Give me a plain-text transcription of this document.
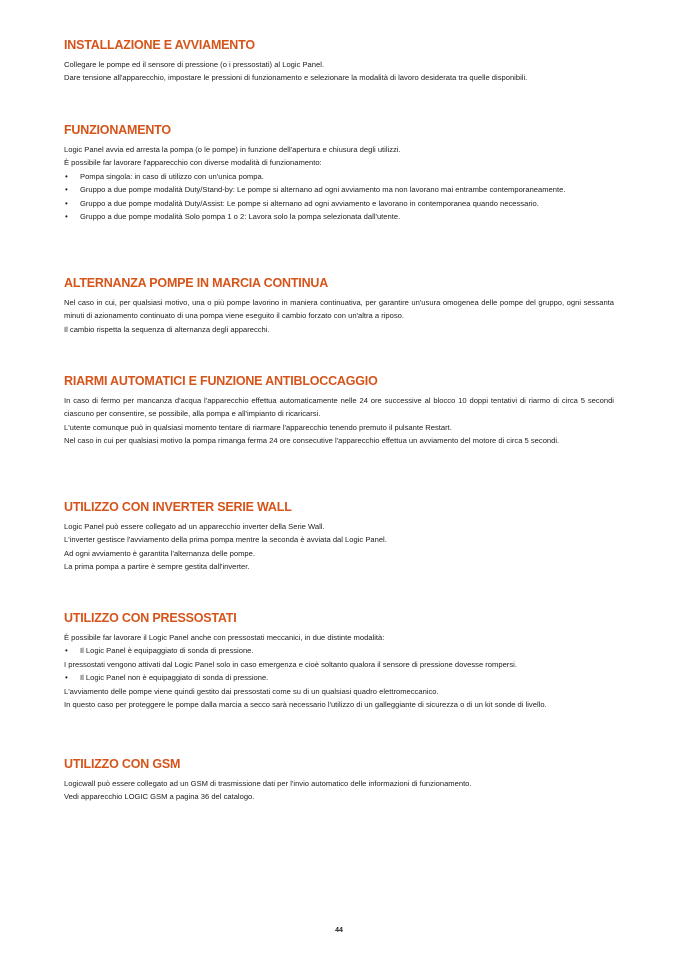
INSTALLAZIONE E AVVIAMENTO

Collegare le pompe ed il sensore di pressione (o i pressostati) al Logic Panel.

Dare tensione all'apparecchio, impostare le pressioni di funzionamento e selezionare la modalità di lavoro desiderata tra quelle disponibili.

FUNZIONAMENTO

Logic Panel avvia ed arresta la pompa (o le pompe) in funzione dell'apertura e chiusura degli utilizzi.

È possibile far lavorare l'apparecchio con diverse modalità di funzionamento:

• Pompa singola: in caso di utilizzo con un'unica pompa.

• Gruppo a due pompe modalità Duty/Stand-by: Le pompe si alternano ad ogni avviamento ma non lavorano mai entrambe contemporaneamente.

• Gruppo a due pompe modalità Duty/Assist: Le pompe si alternano ad ogni avviamento e lavorano in contemporanea quando necessario.

• Gruppo a due pompe modalità Solo pompa 1 o 2: Lavora solo la pompa selezionata dall'utente.

ALTERNANZA POMPE IN MARCIA CONTINUA

Nel caso in cui, per qualsiasi motivo, una o più pompe lavorino in maniera continuativa, per garantire un'usura omogenea delle pompe del gruppo, ogni sessanta minuti di azionamento continuato di una pompa viene eseguito il cambio forzato con un'altra a riposo.

Il cambio rispetta la sequenza di alternanza degli apparecchi.

RIARMI AUTOMATICI E FUNZIONE ANTIBLOCCAGGIO

In caso di fermo per mancanza d'acqua l'apparecchio effettua automaticamente nelle 24 ore successive al blocco 10 doppi tentativi di riarmo di circa 5 secondi ciascuno per consentire, se possibile, alla pompa e all'impianto di ricaricarsi.

L'utente comunque può in qualsiasi momento tentare di riarmare l'apparecchio tenendo premuto il pulsante Restart.

Nel caso in cui per qualsiasi motivo la pompa rimanga ferma 24 ore consecutive l'apparecchio effettua un avviamento del motore di circa 5 secondi.

UTILIZZO CON INVERTER SERIE WALL

Logic Panel può essere collegato ad un apparecchio inverter della Serie Wall.

L'inverter gestisce l'avviamento della prima pompa mentre la seconda è avviata dal Logic Panel.

Ad ogni avviamento è garantita l'alternanza delle pompe.

La prima pompa a partire è sempre gestita dall'inverter.

UTILIZZO CON PRESSOSTATI

È possibile far lavorare il Logic Panel anche con pressostati meccanici, in due distinte modalità:

• Il Logic Panel è equipaggiato di sonda di pressione.

I pressostati vengono attivati dal Logic Panel solo in caso emergenza e cioè soltanto qualora il sensore di pressione dovesse rompersi.

• Il Logic Panel non è equipaggiato di sonda di pressione.

L'avviamento delle pompe viene quindi gestito dai pressostati come su di un qualsiasi quadro elettromeccanico.

In questo caso per proteggere le pompe dalla marcia a secco sarà necessario l'utilizzo di un galleggiante di sicurezza o di un kit sonde di livello.

UTILIZZO CON GSM

Logicwall può essere collegato ad un GSM di trasmissione dati per l'invio automatico delle informazioni di funzionamento.

Vedi apparecchio LOGIC GSM a pagina 36 del catalogo.

44
